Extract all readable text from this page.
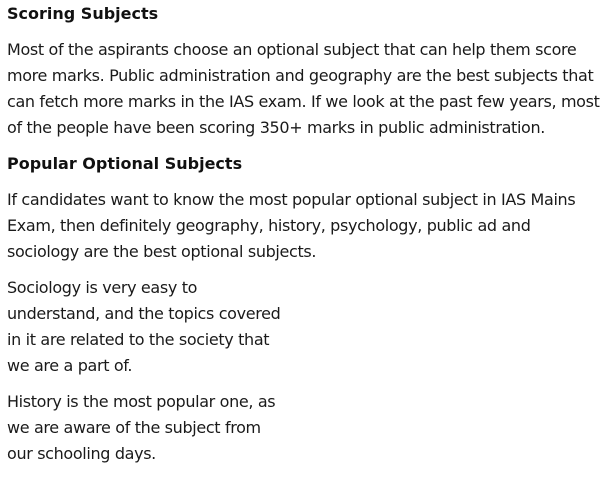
Scoring Subjects

Most of the aspirants choose an optional subject that can help them score more marks. Public administration and geography are the best subjects that can fetch more marks in the IAS exam. If we look at the past few years, most of the people have been scoring 350+ marks in public administration.

Popular Optional Subjects

If candidates want to know the most popular optional subject in IAS Mains Exam, then definitely geography, history, psychology, public ad and sociology are the best optional subjects.

Sociology is very easy to understand, and the topics covered in it are related to the society that we are a part of.

History is the most popular one, as we are aware of the subject from our schooling days.
